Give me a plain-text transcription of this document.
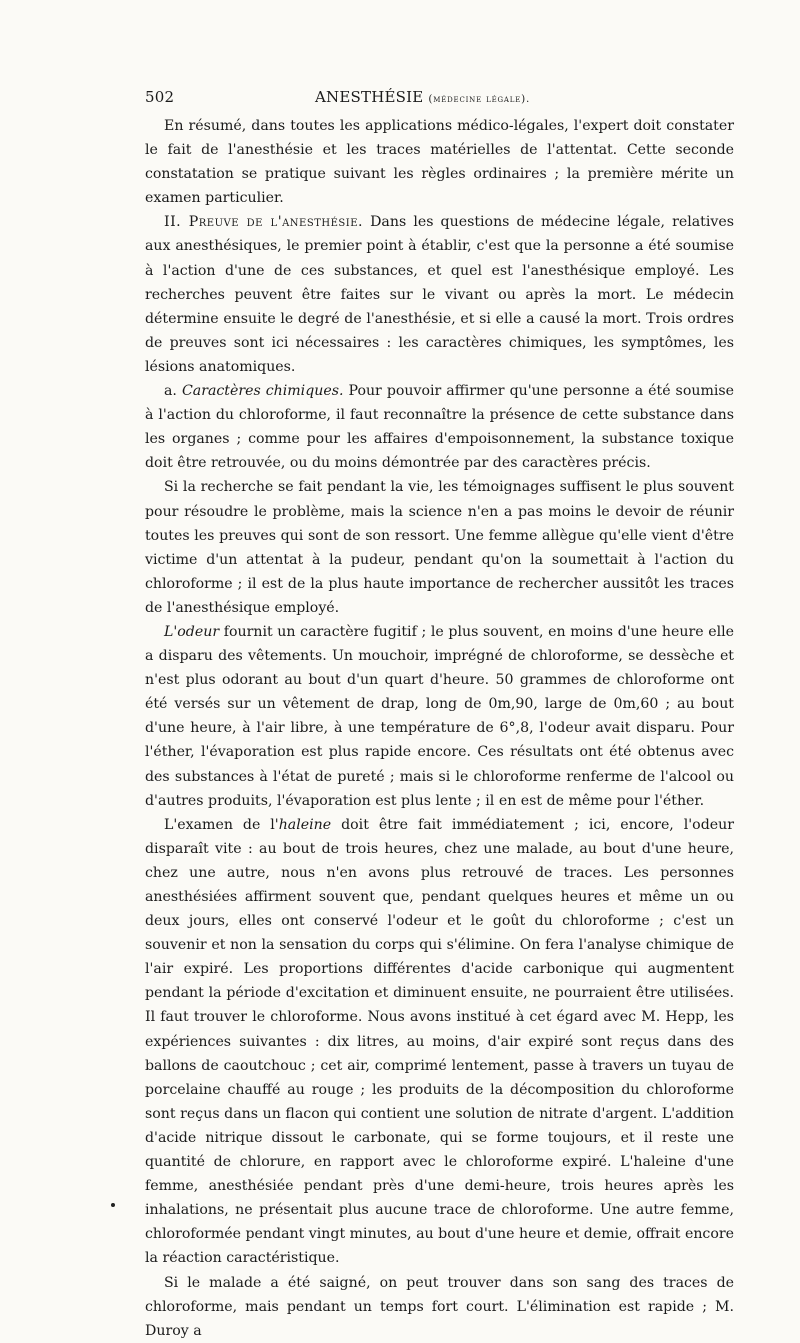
502	ANESTHÉSIE (médecine légale).

En résumé, dans toutes les applications médico-légales, l'expert doit constater le fait de l'anesthésie et les traces matérielles de l'attentat. Cette seconde constatation se pratique suivant les règles ordinaires ; la première mérite un examen particulier.

II. Preuve de l'anesthésie. Dans les questions de médecine légale, relatives aux anesthésiques, le premier point à établir, c'est que la personne a été soumise à l'action d'une de ces substances, et quel est l'anesthésique employé. Les recherches peuvent être faites sur le vivant ou après la mort. Le médecin détermine ensuite le degré de l'anesthésie, et si elle a causé la mort. Trois ordres de preuves sont ici nécessaires : les caractères chimiques, les symptômes, les lésions anatomiques.

a. Caractères chimiques. Pour pouvoir affirmer qu'une personne a été soumise à l'action du chloroforme, il faut reconnaître la présence de cette substance dans les organes ; comme pour les affaires d'empoisonnement, la substance toxique doit être retrouvée, ou du moins démontrée par des caractères précis.

Si la recherche se fait pendant la vie, les témoignages suffisent le plus souvent pour résoudre le problème, mais la science n'en a pas moins le devoir de réunir toutes les preuves qui sont de son ressort. Une femme allègue qu'elle vient d'être victime d'un attentat à la pudeur, pendant qu'on la soumettait à l'action du chloroforme ; il est de la plus haute importance de rechercher aussitôt les traces de l'anesthésique employé.

L'odeur fournit un caractère fugitif ; le plus souvent, en moins d'une heure elle a disparu des vêtements. Un mouchoir, imprégné de chloroforme, se dessèche et n'est plus odorant au bout d'un quart d'heure. 50 grammes de chloroforme ont été versés sur un vêtement de drap, long de 0m,90, large de 0m,60 ; au bout d'une heure, à l'air libre, à une température de 6°,8, l'odeur avait disparu. Pour l'éther, l'évaporation est plus rapide encore. Ces résultats ont été obtenus avec des substances à l'état de pureté ; mais si le chloroforme renferme de l'alcool ou d'autres produits, l'évaporation est plus lente ; il en est de même pour l'éther.

L'examen de l'haleine doit être fait immédiatement ; ici, encore, l'odeur disparaît vite : au bout de trois heures, chez une malade, au bout d'une heure, chez une autre, nous n'en avons plus retrouvé de traces. Les personnes anesthésiées affirment souvent que, pendant quelques heures et même un ou deux jours, elles ont conservé l'odeur et le goût du chloroforme ; c'est un souvenir et non la sensation du corps qui s'élimine. On fera l'analyse chimique de l'air expiré. Les proportions différentes d'acide carbonique qui augmentent pendant la période d'excitation et diminuent ensuite, ne pourraient être utilisées. Il faut trouver le chloroforme. Nous avons institué à cet égard avec M. Hepp, les expériences suivantes : dix litres, au moins, d'air expiré sont reçus dans des ballons de caoutchouc ; cet air, comprimé lentement, passe à travers un tuyau de porcelaine chauffé au rouge ; les produits de la décomposition du chloroforme sont reçus dans un flacon qui contient une solution de nitrate d'argent. L'addition d'acide nitrique dissout le carbonate, qui se forme toujours, et il reste une quantité de chlorure, en rapport avec le chloroforme expiré. L'haleine d'une femme, anesthésiée pendant près d'une demi-heure, trois heures après les inhalations, ne présentait plus aucune trace de chloroforme. Une autre femme, chloroformée pendant vingt minutes, au bout d'une heure et demie, offrait encore la réaction caractéristique.

Si le malade a été saigné, on peut trouver dans son sang des traces de chloroforme, mais pendant un temps fort court. L'élimination est rapide ; M. Duroy a
